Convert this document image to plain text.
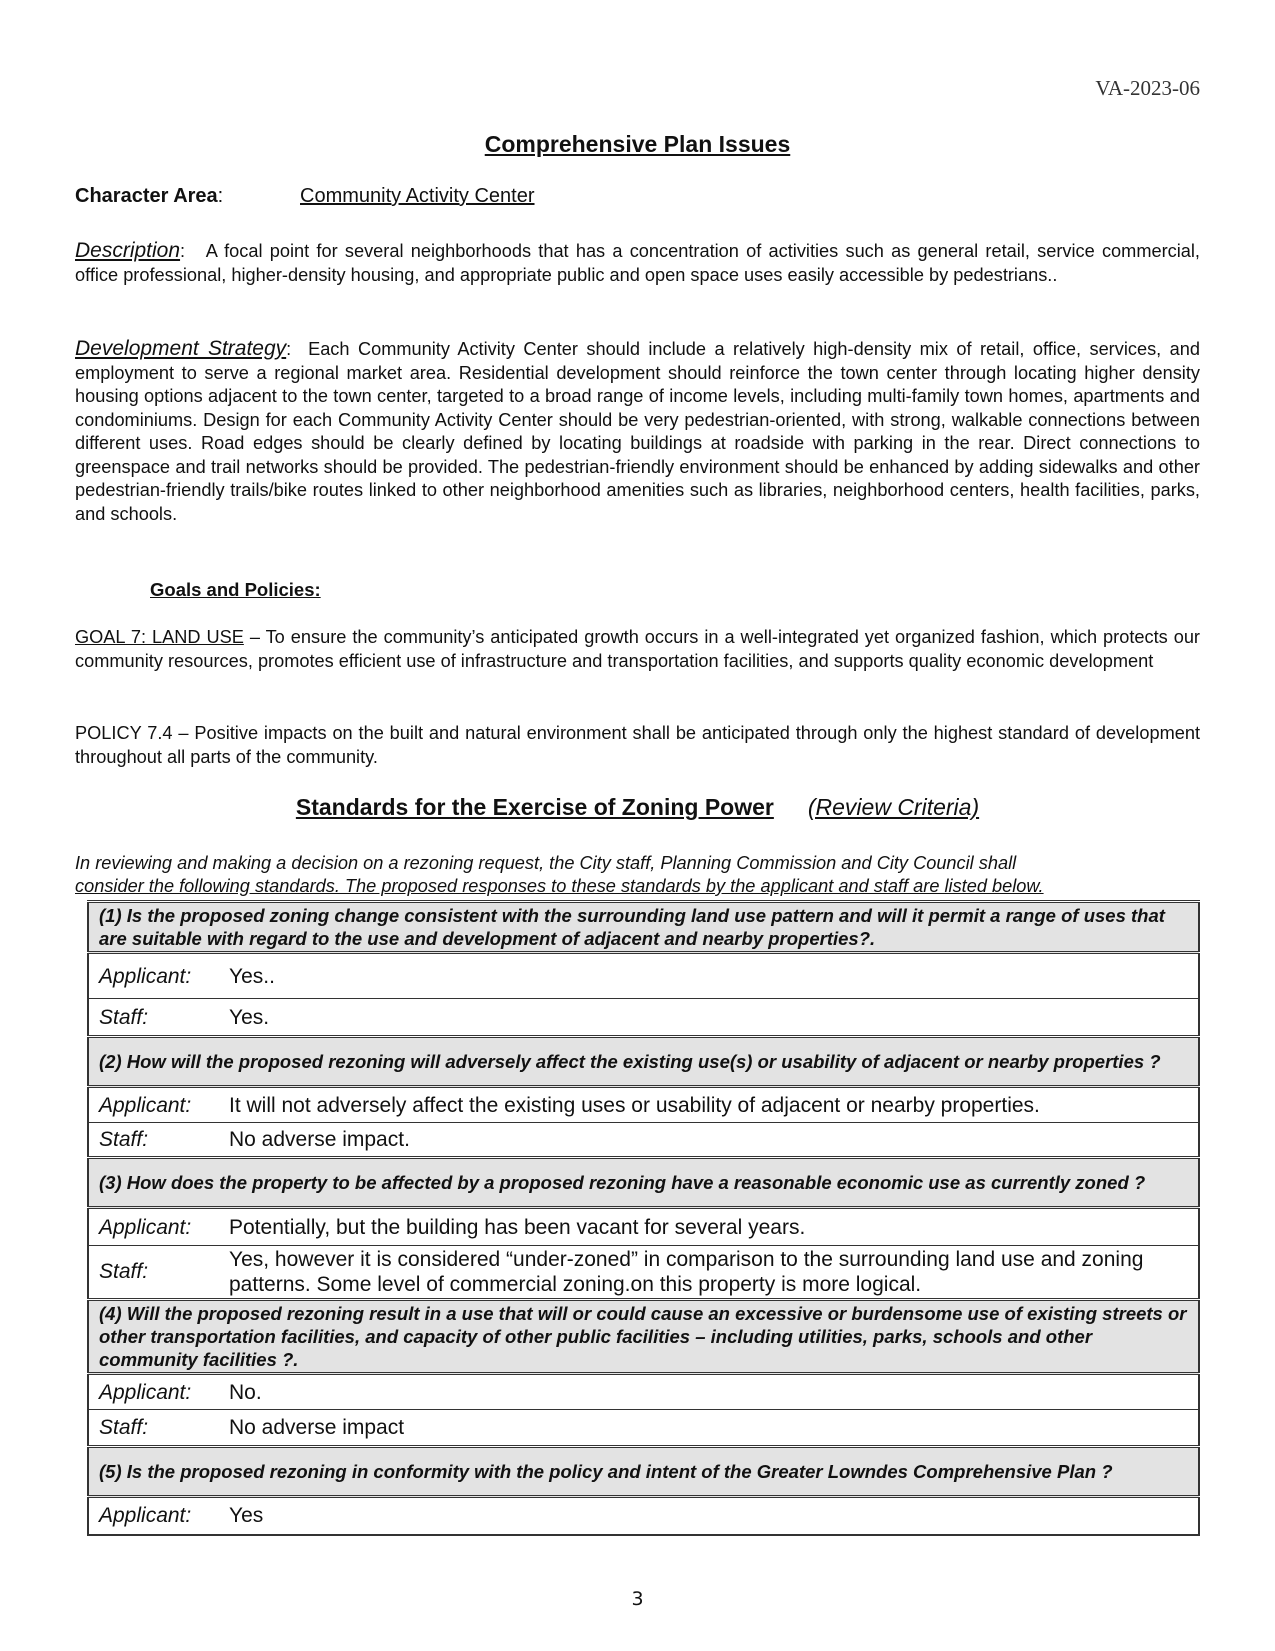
VA-2023-06
Comprehensive Plan Issues
Character Area:	Community Activity Center
Description:   A focal point for several neighborhoods that has a concentration of activities such as general retail, service commercial, office professional, higher-density housing, and appropriate public and open space uses easily accessible by pedestrians..
Development Strategy:  Each Community Activity Center should include a relatively high-density mix of retail, office, services, and employment to serve a regional market area. Residential development should reinforce the town center through locating higher density housing options adjacent to the town center, targeted to a broad range of income levels, including multi-family town homes, apartments and condominiums. Design for each Community Activity Center should be very pedestrian-oriented, with strong, walkable connections between different uses. Road edges should be clearly defined by locating buildings at roadside with parking in the rear. Direct connections to greenspace and trail networks should be provided. The pedestrian-friendly environment should be enhanced by adding sidewalks and other pedestrian-friendly trails/bike routes linked to other neighborhood amenities such as libraries, neighborhood centers, health facilities, parks, and schools.
Goals and Policies:
GOAL 7: LAND USE – To ensure the community’s anticipated growth occurs in a well-integrated yet organized fashion, which protects our community resources, promotes efficient use of infrastructure and transportation facilities, and supports quality economic development
POLICY 7.4 – Positive impacts on the built and natural environment shall be anticipated through only the highest standard of development throughout all parts of the community.
Standards for the Exercise of Zoning Power (Review Criteria)
In reviewing and making a decision on a rezoning request, the City staff, Planning Commission and City Council shall
consider the following standards. The proposed responses to these standards by the applicant and staff are listed below.
(1) Is the proposed zoning change consistent with the surrounding land use pattern and will it permit a range of uses that are suitable with regard to the use and development of adjacent and nearby properties?.
Applicant: Yes..
Staff:	Yes.
(2) How will the proposed rezoning will adversely affect the existing use(s) or usability of adjacent or nearby properties ?
Applicant: It will not adversely affect the existing uses or usability of adjacent or nearby properties.
Staff:	No adverse impact.
(3) How does the property to be affected by a proposed rezoning have a reasonable economic use as currently zoned ?
Applicant: Potentially, but the building has been vacant for several years.
Staff:Yes, however it is considered “under-zoned” in comparison to the surrounding land use and zoning patterns. Some level of commercial zoning.on this property is more logical.
(4) Will the proposed rezoning result in a use that will or could cause an excessive or burdensome use of existing streets or other transportation facilities, and capacity of other public facilities – including utilities, parks, schools and other community facilities ?.
Applicant: No.
Staff:	No adverse impact
(5) Is the proposed rezoning in conformity with the policy and intent of the Greater Lowndes Comprehensive Plan ?
Applicant: Yes
3
